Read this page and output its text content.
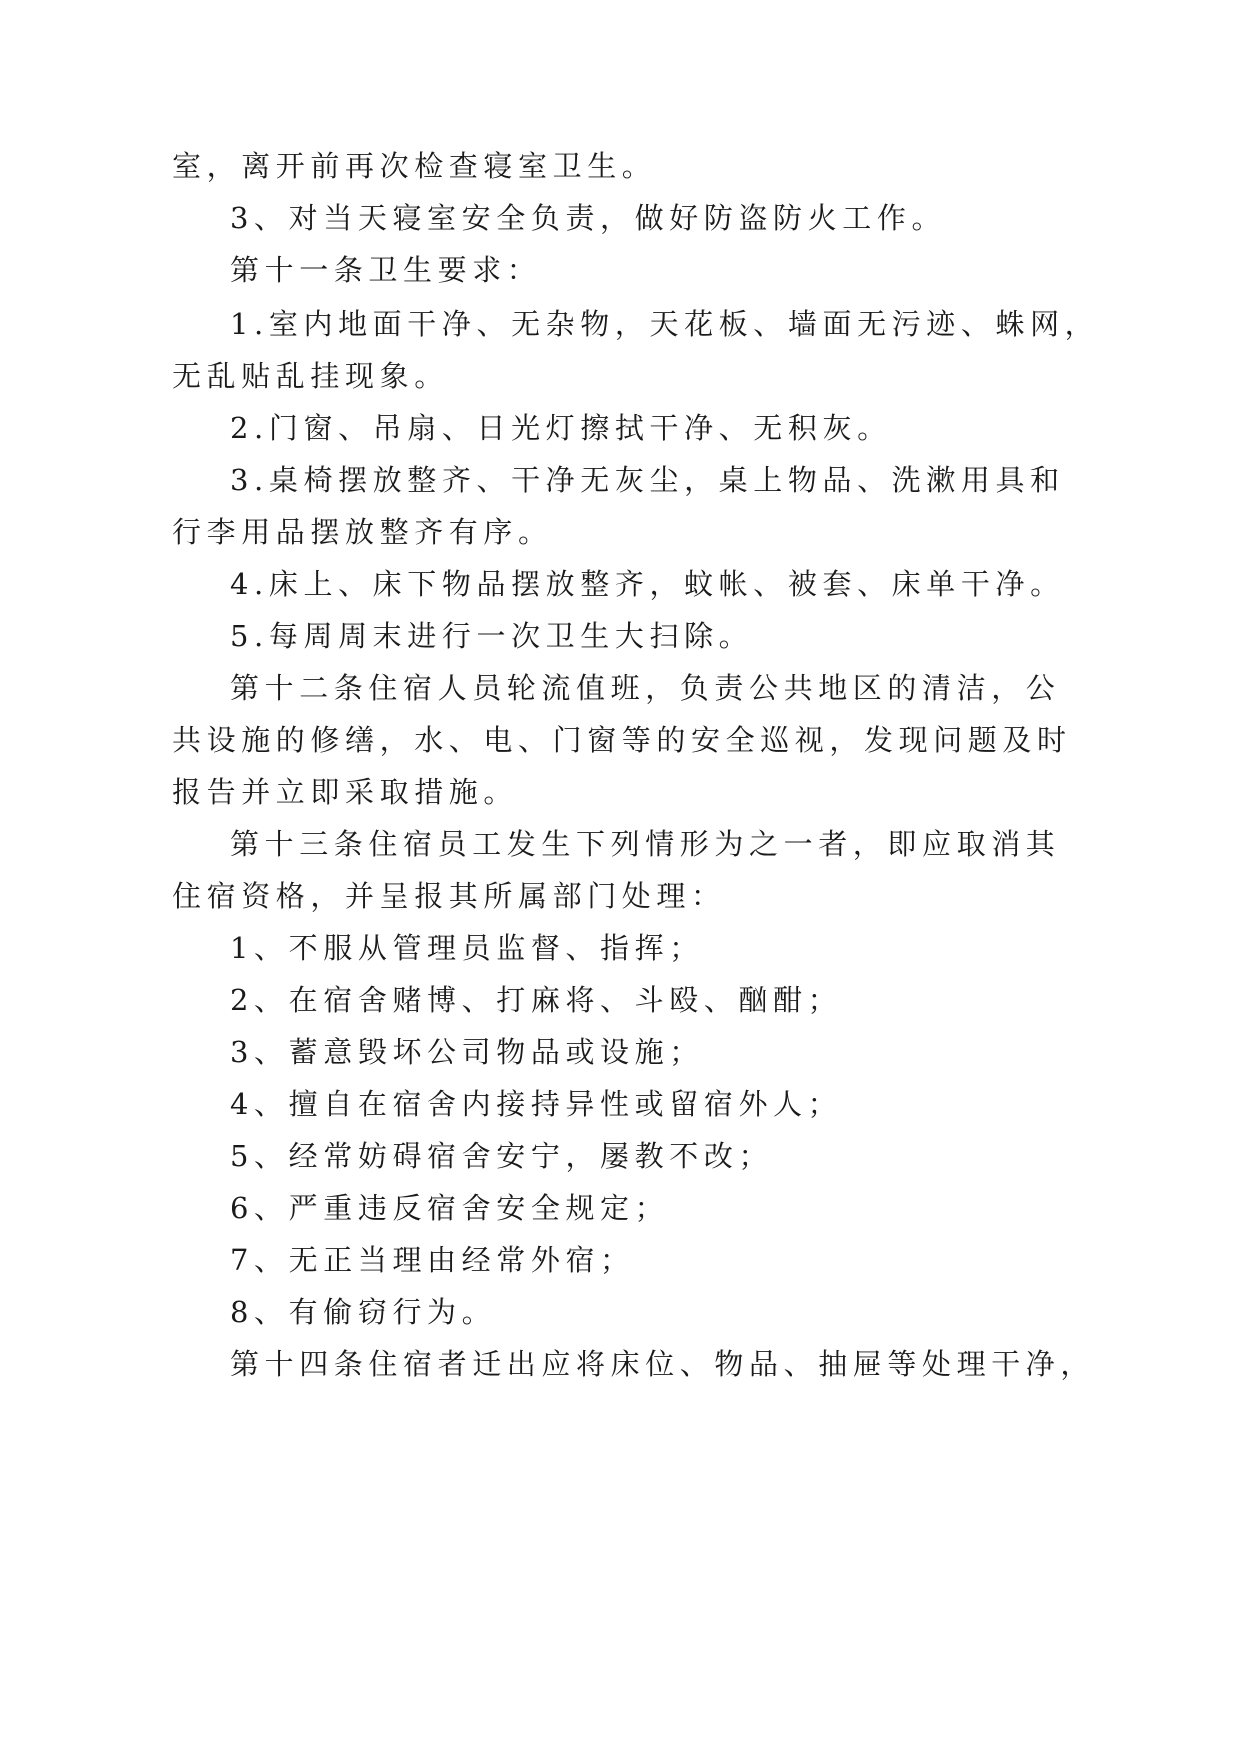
室，离开前再次检查寝室卫生。
3、对当天寝室安全负责，做好防盗防火工作。
第十一条卫生要求：
1.室内地面干净、无杂物，天花板、墙面无污迹、蛛网，
无乱贴乱挂现象。
2.门窗、吊扇、日光灯擦拭干净、无积灰。
3.桌椅摆放整齐、干净无灰尘，桌上物品、洗漱用具和
行李用品摆放整齐有序。
4.床上、床下物品摆放整齐，蚊帐、被套、床单干净。
5.每周周末进行一次卫生大扫除。
第十二条住宿人员轮流值班，负责公共地区的清洁，公
共设施的修缮，水、电、门窗等的安全巡视，发现问题及时
报告并立即采取措施。
第十三条住宿员工发生下列情形为之一者，即应取消其
住宿资格，并呈报其所属部门处理：
1、不服从管理员监督、指挥；
2、在宿舍赌博、打麻将、斗殴、酗酣；
3、蓄意毁坏公司物品或设施；
4、擅自在宿舍内接持异性或留宿外人；
5、经常妨碍宿舍安宁，屡教不改；
6、严重违反宿舍安全规定；
7、无正当理由经常外宿；
8、有偷窃行为。
第十四条住宿者迁出应将床位、物品、抽屉等处理干净，
